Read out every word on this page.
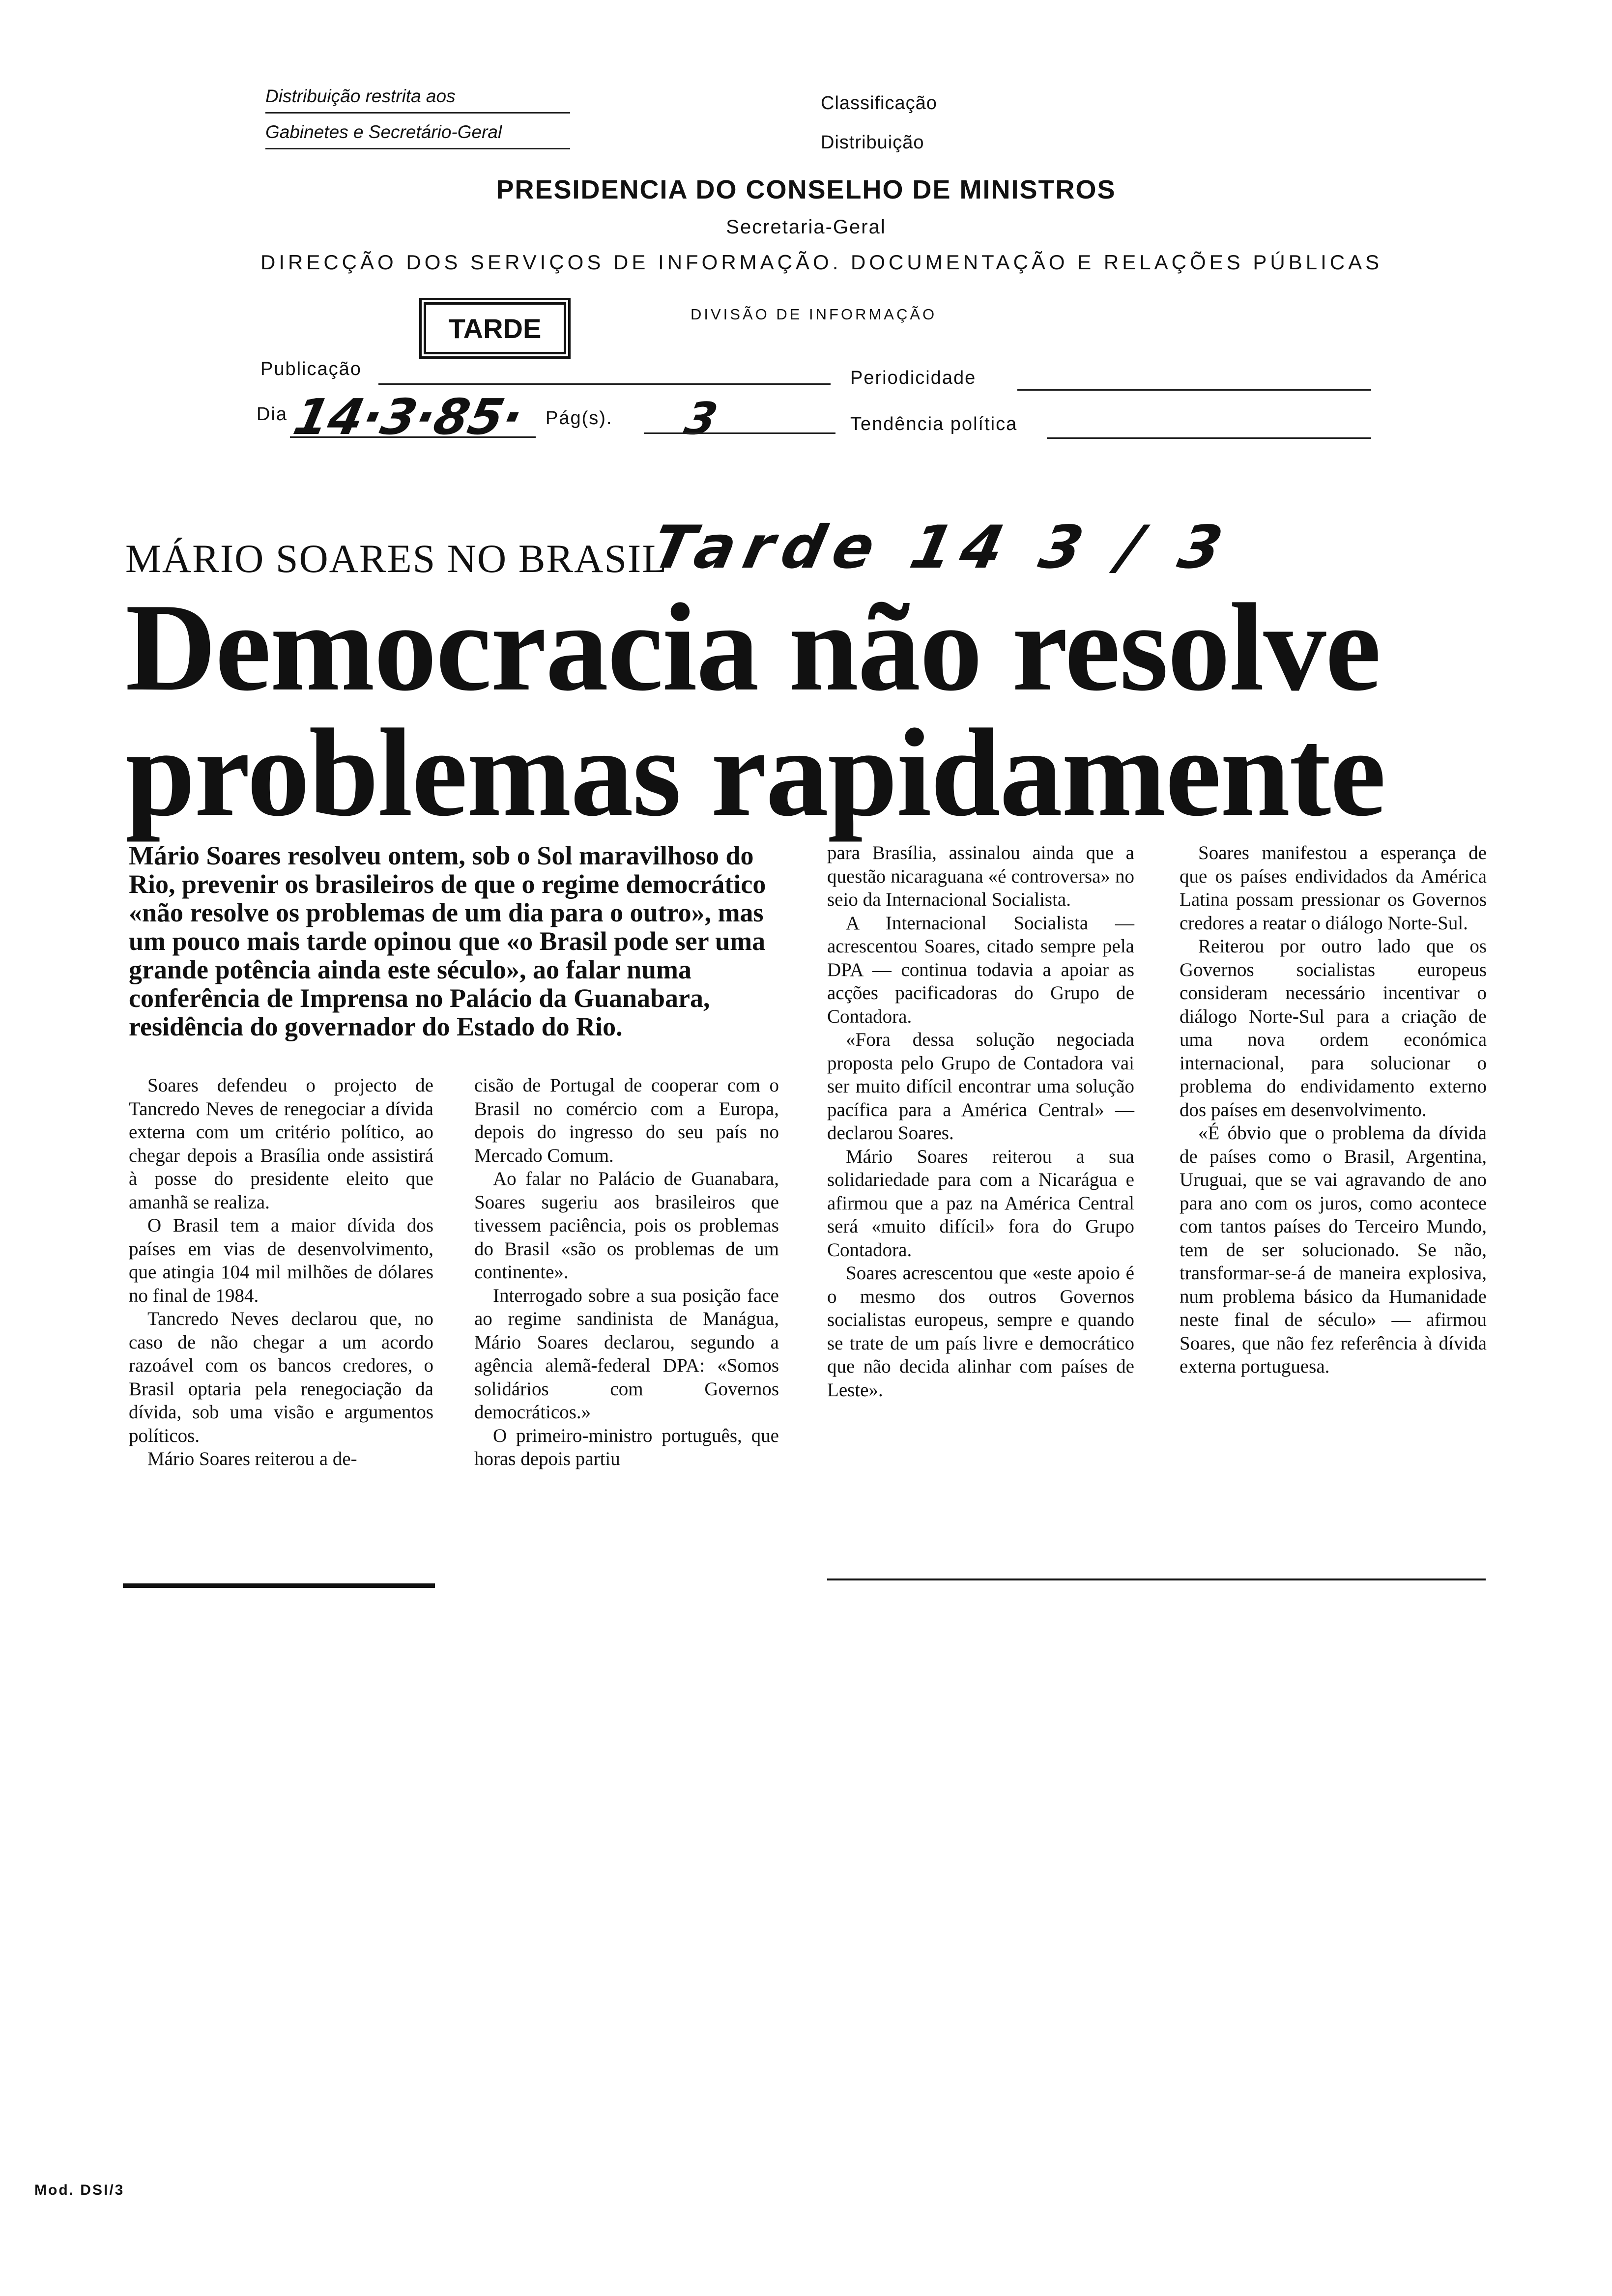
Distribuição restrita aos
Gabinetes e Secretário-Geral
Classificação
Distribuição
PRESIDENCIA DO CONSELHO DE MINISTROS
Secretaria-Geral
DIRECÇÃO DOS SERVIÇOS DE INFORMAÇÃO. DOCUMENTAÇÃO E RELAÇÕES PÚBLICAS
TARDE	DIVISÃO DE INFORMAÇÃO
Publicação	Periodicidade
Dia 14·3·85· Pág(s). 3	Tendência política
Tarde 14 3 / 3
MÁRIO SOARES NO BRASIL
Democracia não resolve
problemas rapidamente
Mário Soares resolveu ontem, sob o Sol maravilhoso do Rio, prevenir os brasileiros de que o regime democrático «não resolve os problemas de um dia para o outro», mas um pouco mais tarde opinou que «o Brasil pode ser uma grande potência ainda este século», ao falar numa conferência de Imprensa no Palácio da Guanabara, residência do governador do Estado do Rio.

Soares defendeu o projecto de Tancredo Neves de renegociar a dívida externa com um critério político, ao chegar depois a Brasília onde assistirá à posse do presidente eleito que amanhã se realiza.

O Brasil tem a maior dívida dos países em vias de desenvolvimento, que atingia 104 mil milhões de dólares no final de 1984.

Tancredo Neves declarou que, no caso de não chegar a um acordo razoável com os bancos credores, o Brasil optaria pela renegociação da dívida, sob uma visão e argumentos políticos.

Mário Soares reiterou a de-

cisão de Portugal de cooperar com o Brasil no comércio com a Europa, depois do ingresso do seu país no Mercado Comum.

Ao falar no Palácio de Guanabara, Soares sugeriu aos brasileiros que tivessem paciência, pois os problemas do Brasil «são os problemas de um continente».

Interrogado sobre a sua posição face ao regime sandinista de Manágua, Mário Soares declarou, segundo a agência alemã-federal DPA: «Somos solidários com Governos democráticos.»

O primeiro-ministro português, que horas depois partiu

para Brasília, assinalou ainda que a questão nicaraguana «é controversa» no seio da Internacional Socialista.

A Internacional Socialista — acrescentou Soares, citado sempre pela DPA — continua todavia a apoiar as acções pacificadoras do Grupo de Contadora.

«Fora dessa solução negociada proposta pelo Grupo de Contadora vai ser muito difícil encontrar uma solução pacífica para a América Central» — declarou Soares.

Mário Soares reiterou a sua solidariedade para com a Nicarágua e afirmou que a paz na América Central será «muito difícil» fora do Grupo Contadora.

Soares acrescentou que «este apoio é o mesmo dos outros Governos socialistas europeus, sempre e quando se trate de um país livre e democrático que não decida alinhar com países de Leste».

Soares manifestou a esperança de que os países endividados da América Latina possam pressionar os Governos credores a reatar o diálogo Norte-Sul.

Reiterou por outro lado que os Governos socialistas europeus consideram necessário incentivar o diálogo Norte-Sul para a criação de uma nova ordem económica internacional, para solucionar o problema do endividamento externo dos países em desenvolvimento.

«É óbvio que o problema da dívida de países como o Brasil, Argentina, Uruguai, que se vai agravando de ano para ano com os juros, como acontece com tantos países do Terceiro Mundo, tem de ser solucionado. Se não, transformar-se-á de maneira explosiva, num problema básico da Humanidade neste final de século» — afirmou Soares, que não fez referência à dívida externa portuguesa.

Mod. DSI/3
